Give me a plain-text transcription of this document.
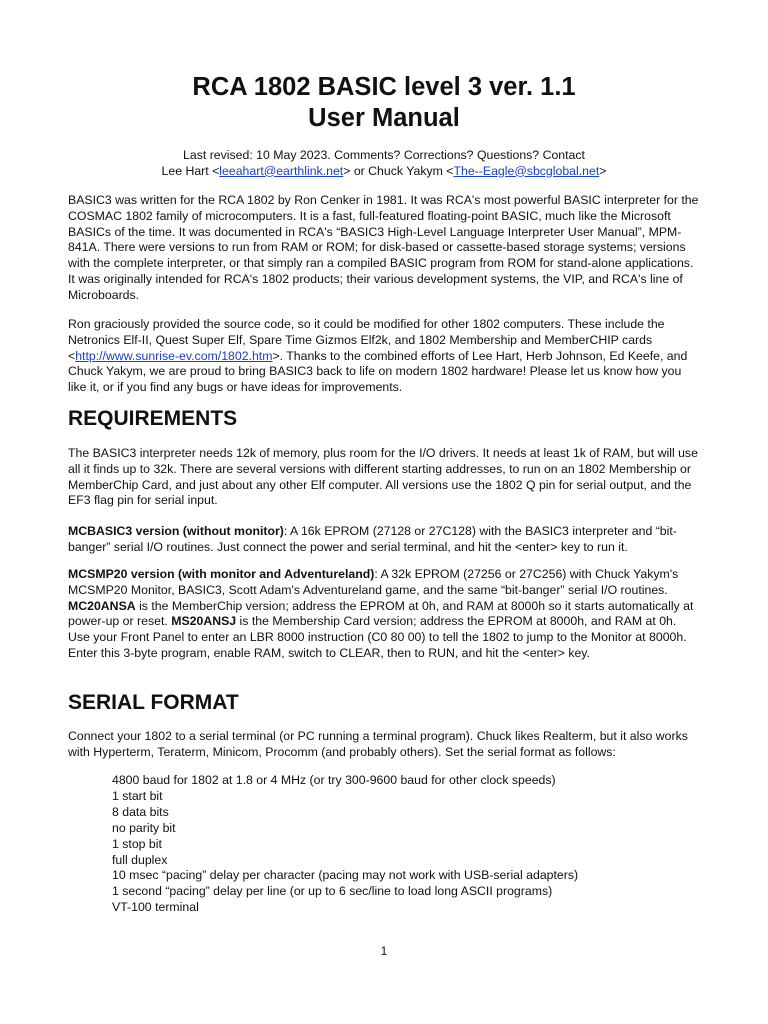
RCA 1802 BASIC level 3 ver. 1.1
User Manual
Last revised: 10 May 2023. Comments? Corrections? Questions? Contact
Lee Hart <leeahart@earthlink.net> or Chuck Yakym <The--Eagle@sbcglobal.net>

BASIC3 was written for the RCA 1802 by Ron Cenker in 1981. It was RCA's most powerful BASIC interpreter for the COSMAC 1802 family of microcomputers. It is a fast, full-featured floating-point BASIC, much like the Microsoft BASICs of the time. It was documented in RCA's “BASIC3 High-Level Language Interpreter User Manual”, MPM-841A. There were versions to run from RAM or ROM; for disk-based or cassette-based storage systems; versions with the complete interpreter, or that simply ran a compiled BASIC program from ROM for stand-alone applications. It was originally intended for RCA's 1802 products; their various development systems, the VIP, and RCA's line of Microboards.

Ron graciously provided the source code, so it could be modified for other 1802 computers. These include the Netronics Elf-II, Quest Super Elf, Spare Time Gizmos Elf2k, and 1802 Membership and MemberCHIP cards <http://www.sunrise-ev.com/1802.htm>. Thanks to the combined efforts of Lee Hart, Herb Johnson, Ed Keefe, and Chuck Yakym, we are proud to bring BASIC3 back to life on modern 1802 hardware! Please let us know how you like it, or if you find any bugs or have ideas for improvements.

REQUIREMENTS

The BASIC3 interpreter needs 12k of memory, plus room for the I/O drivers. It needs at least 1k of RAM, but will use all it finds up to 32k. There are several versions with different starting addresses, to run on an 1802 Membership or MemberChip Card, and just about any other Elf computer. All versions use the 1802 Q pin for serial output, and the EF3 flag pin for serial input.

MCBASIC3 version (without monitor): A 16k EPROM (27128 or 27C128) with the BASIC3 interpreter and “bit-banger” serial I/O routines. Just connect the power and serial terminal, and hit the <enter> key to run it.

MCSMP20 version (with monitor and Adventureland): A 32k EPROM (27256 or 27C256) with Chuck Yakym's MCSMP20 Monitor, BASIC3, Scott Adam's Adventureland game, and the same “bit-banger” serial I/O routines. MC20ANSA is the MemberChip version; address the EPROM at 0h, and RAM at 8000h so it starts automatically at power-up or reset. MS20ANSJ is the Membership Card version; address the EPROM at 8000h, and RAM at 0h. Use your Front Panel to enter an LBR 8000 instruction (C0 80 00) to tell the 1802 to jump to the Monitor at 8000h. Enter this 3-byte program, enable RAM, switch to CLEAR, then to RUN, and hit the <enter> key.

SERIAL FORMAT

Connect your 1802 to a serial terminal (or PC running a terminal program). Chuck likes Realterm, but it also works with Hyperterm, Teraterm, Minicom, Procomm (and probably others). Set the serial format as follows:

4800 baud for 1802 at 1.8 or 4 MHz (or try 300-9600 baud for other clock speeds)
1 start bit
8 data bits
no parity bit
1 stop bit
full duplex
10 msec “pacing” delay per character (pacing may not work with USB-serial adapters)
1 second “pacing” delay per line (or up to 6 sec/line to load long ASCII programs)
VT-100 terminal
1
